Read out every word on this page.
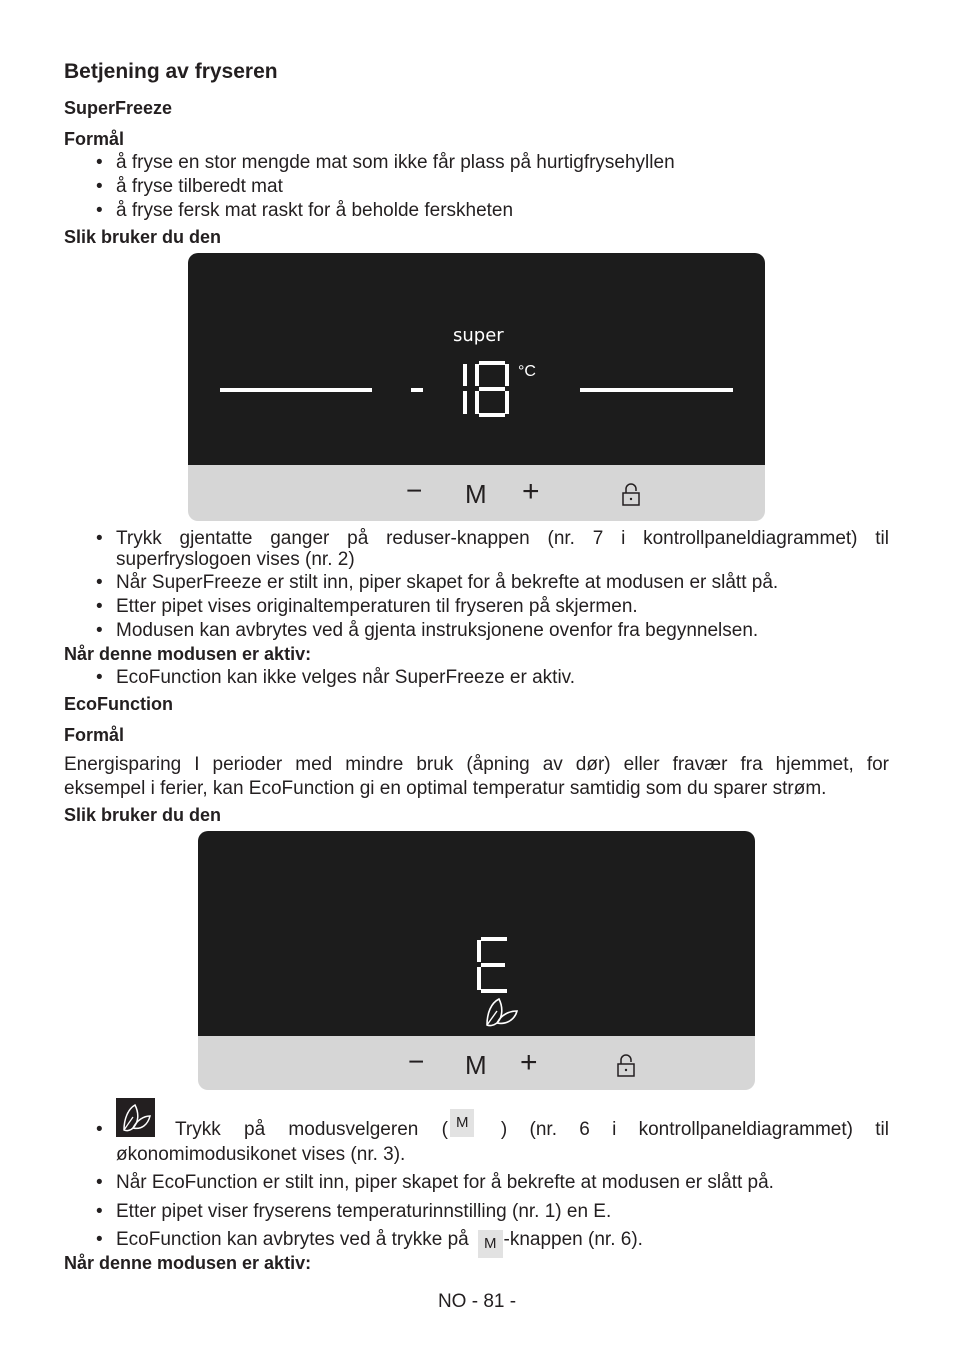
Betjening av fryseren
SuperFreeze
Formål
• å fryse en stor mengde mat som ikke får plass på hurtigfrysehyllen
• å fryse tilberedt mat
• å fryse fersk mat raskt for å beholde ferskheten
Slik bruker du den
super
°C
− M +
• Trykk gjentatte ganger på reduser-knappen (nr. 7 i kontrollpaneldiagrammet) til
superfryslogoen vises (nr. 2)
• Når SuperFreeze er stilt inn, piper skapet for å bekrefte at modusen er slått på.
• Etter pipet vises originaltemperaturen til fryseren på skjermen.
• Modusen kan avbrytes ved å gjenta instruksjonene ovenfor fra begynnelsen.
Når denne modusen er aktiv:
• EcoFunction kan ikke velges når SuperFreeze er aktiv.
EcoFunction
Formål
Energisparing I perioder med mindre bruk (åpning av dør) eller fravær fra hjemmet, for
eksempel i ferier, kan EcoFunction gi en optimal temperatur samtidig som du sparer strøm.
Slik bruker du den
− M +
•	Trykk på modusvelgeren ( M	) (nr. 6 i kontrollpaneldiagrammet) til
økonomimodusikonet vises (nr. 3).
• Når EcoFunction er stilt inn, piper skapet for å bekrefte at modusen er slått på.
• Etter pipet viser fryserens temperaturinnstilling (nr. 1) en E.
• EcoFunction kan avbrytes ved å trykke på M -knappen (nr. 6).
Når denne modusen er aktiv:
NO - 81 -
